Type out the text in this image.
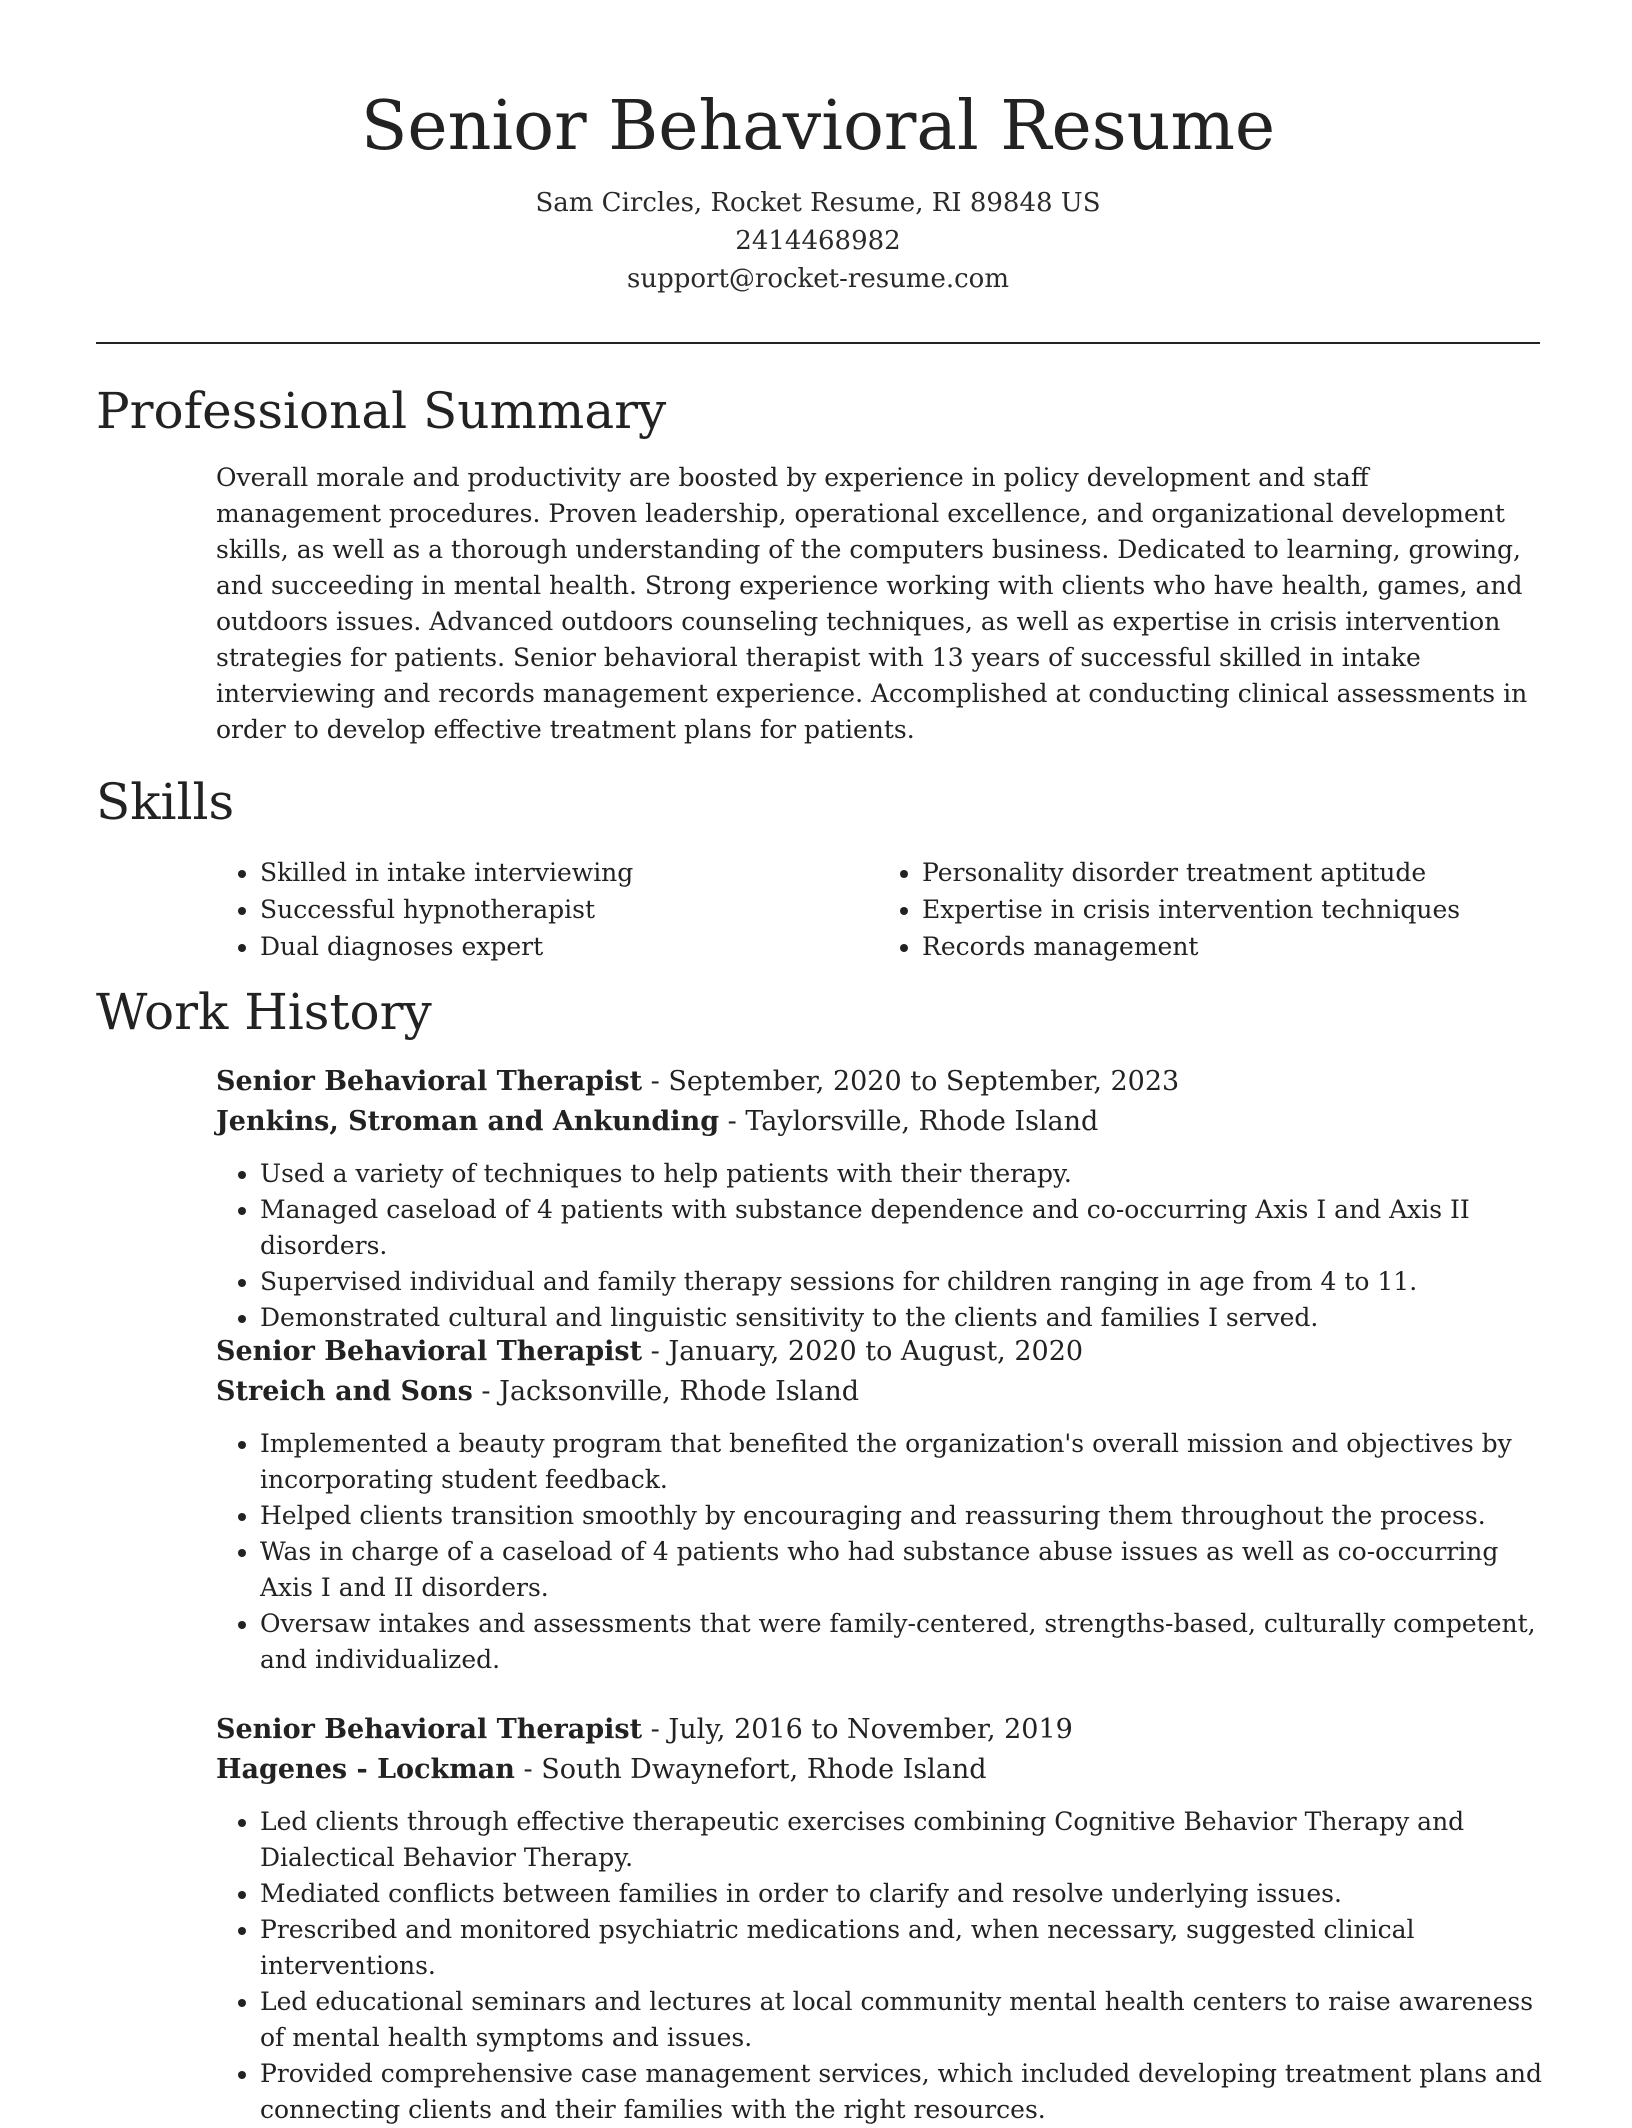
Senior Behavioral Resume
Sam Circles, Rocket Resume, RI 89848 US
2414468982
support@rocket-resume.com
Professional Summary

Overall morale and productivity are boosted by experience in policy development and staff management procedures. Proven leadership, operational excellence, and organizational development skills, as well as a thorough understanding of the computers business. Dedicated to learning, growing, and succeeding in mental health. Strong experience working with clients who have health, games, and outdoors issues. Advanced outdoors counseling techniques, as well as expertise in crisis intervention strategies for patients. Senior behavioral therapist with 13 years of successful skilled in intake interviewing and records management experience. Accomplished at conducting clinical assessments in order to develop effective treatment plans for patients.

Skills
• Skilled in intake interviewing
• Successful hypnotherapist
• Dual diagnoses expert
• Personality disorder treatment aptitude
• Expertise in crisis intervention techniques
• Records management
Work History
Senior Behavioral Therapist - September, 2020 to September, 2023
Jenkins, Stroman and Ankunding - Taylorsville, Rhode Island
• Used a variety of techniques to help patients with their therapy.
• Managed caseload of 4 patients with substance dependence and co-occurring Axis I and Axis II disorders.
• Supervised individual and family therapy sessions for children ranging in age from 4 to 11.
• Demonstrated cultural and linguistic sensitivity to the clients and families I served.
Senior Behavioral Therapist - January, 2020 to August, 2020
Streich and Sons - Jacksonville, Rhode Island
• Implemented a beauty program that benefited the organization's overall mission and objectives by incorporating student feedback.
• Helped clients transition smoothly by encouraging and reassuring them throughout the process.
• Was in charge of a caseload of 4 patients who had substance abuse issues as well as co-occurring Axis I and II disorders.
• Oversaw intakes and assessments that were family-centered, strengths-based, culturally competent, and individualized.
Senior Behavioral Therapist - July, 2016 to November, 2019
Hagenes - Lockman - South Dwaynefort, Rhode Island
• Led clients through effective therapeutic exercises combining Cognitive Behavior Therapy and Dialectical Behavior Therapy.
• Mediated conflicts between families in order to clarify and resolve underlying issues.
• Prescribed and monitored psychiatric medications and, when necessary, suggested clinical interventions.
• Led educational seminars and lectures at local community mental health centers to raise awareness of mental health symptoms and issues.
• Provided comprehensive case management services, which included developing treatment plans and connecting clients and their families with the right resources.
